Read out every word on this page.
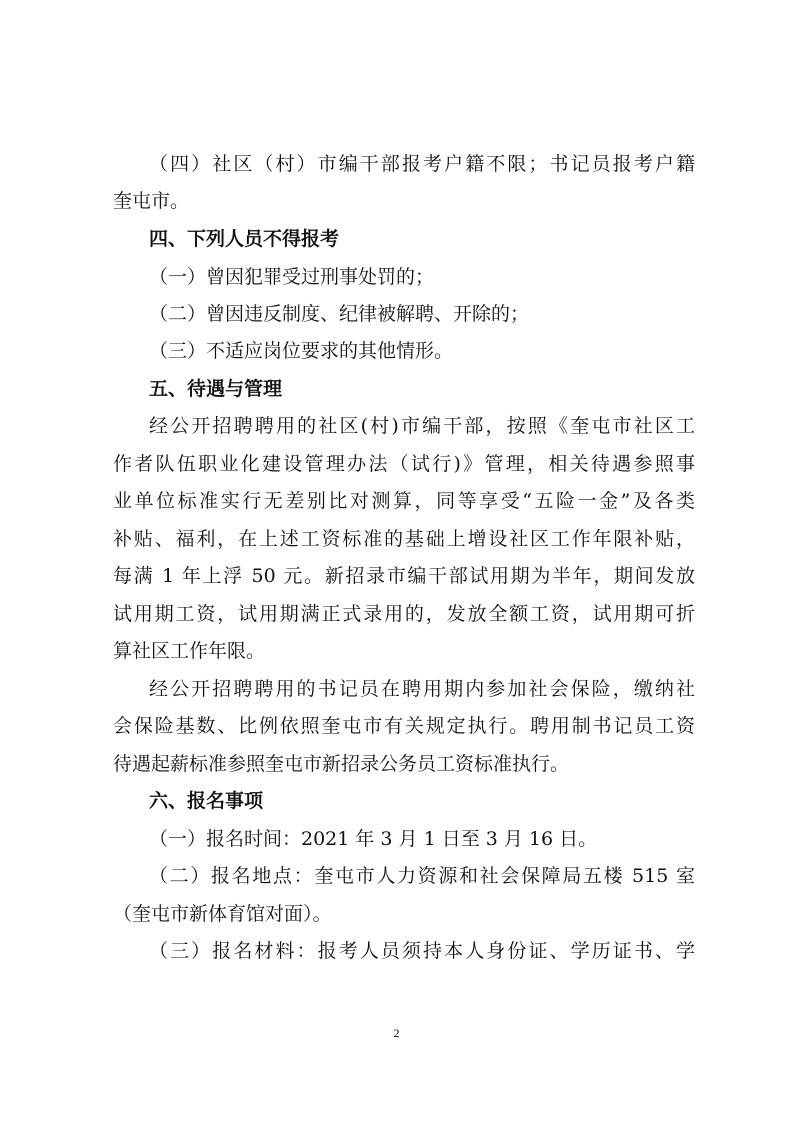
（四）社区（村）市编干部报考户籍不限；书记员报考户籍
奎屯市。
四、下列人员不得报考
（一）曾因犯罪受过刑事处罚的；
（二）曾因违反制度、纪律被解聘、开除的；
（三）不适应岗位要求的其他情形。
五、待遇与管理
经公开招聘聘用的社区(村)市编干部，按照《奎屯市社区工
作者队伍职业化建设管理办法（试行)》管理，相关待遇参照事
业单位标准实行无差别比对测算，同等享受“五险一金”及各类
补贴、福利，在上述工资标准的基础上增设社区工作年限补贴，
每满 1 年上浮 50 元。新招录市编干部试用期为半年，期间发放
试用期工资，试用期满正式录用的，发放全额工资，试用期可折
算社区工作年限。
经公开招聘聘用的书记员在聘用期内参加社会保险，缴纳社
会保险基数、比例依照奎屯市有关规定执行。聘用制书记员工资
待遇起薪标准参照奎屯市新招录公务员工资标准执行。
六、报名事项
（一）报名时间：2021 年 3 月 1 日至 3 月 16 日。
（二）报名地点：奎屯市人力资源和社会保障局五楼 515 室
（奎屯市新体育馆对面）。
（三）报名材料：报考人员须持本人身份证、学历证书、学
2
